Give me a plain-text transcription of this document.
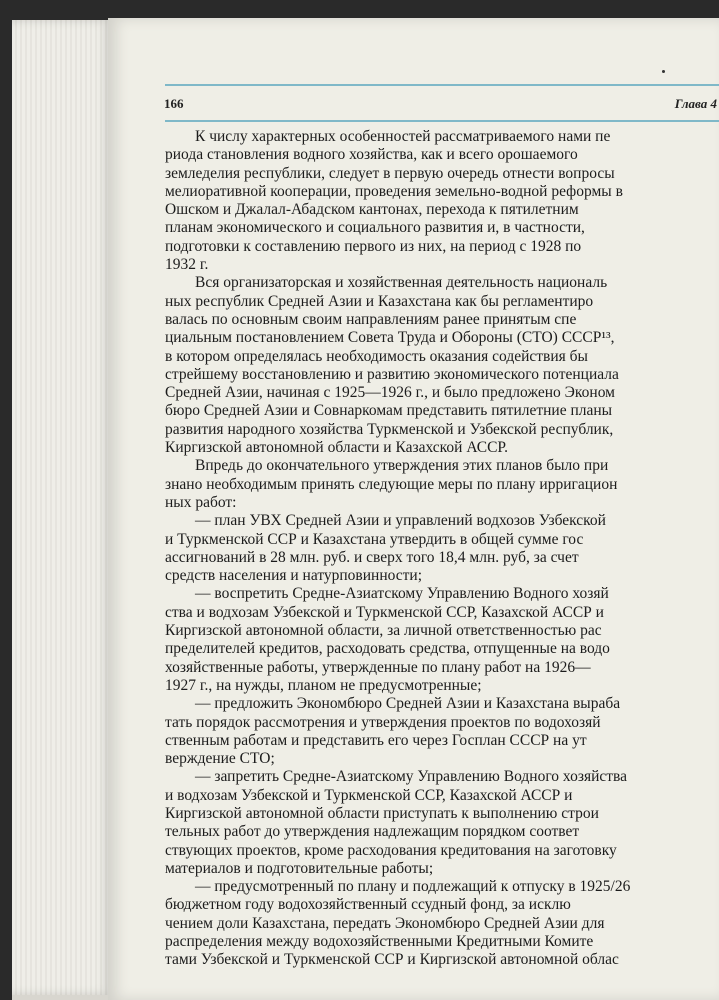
166	Глава 4
К числу характерных особенностей рассматриваемого нами пе
риода становления водного хозяйства, как и всего орошаемого
земледелия республики, следует в первую очередь отнести вопросы
мелиоративной кооперации, проведения земельно-водной реформы в
Ошском и Джалал-Абадском кантонах, перехода к пятилетним
планам экономического и социального развития и, в частности,
подготовки к составлению первого из них, на период с 1928 по
1932 г.
Вся организаторская и хозяйственная деятельность националь
ных республик Средней Азии и Казахстана как бы регламентиро
валась по основным своим направлениям ранее принятым спе
циальным постановлением Совета Труда и Обороны (СТО) СССР¹³,
в котором определялась необходимость оказания содействия бы
стрейшему восстановлению и развитию экономического потенциала
Средней Азии, начиная с 1925—1926 г., и было предложено Эконом
бюро Средней Азии и Совнаркомам представить пятилетние планы
развития народного хозяйства Туркменской и Узбекской республик,
Киргизской автономной области и Казахской АССР.
Впредь до окончательного утверждения этих планов было при
знано необходимым принять следующие меры по плану ирригацион
ных работ:
— план УВХ Средней Азии и управлений водхозов Узбекской
и Туркменской ССР и Казахстана утвердить в общей сумме гос
ассигнований в 28 млн. руб. и сверх того 18,4 млн. руб, за счет
средств населения и натурповинности;
— воспретить Средне-Азиатскому Управлению Водного хозяй
ства и водхозам Узбекской и Туркменской ССР, Казахской АССР и
Киргизской автономной области, за личной ответственностью рас
пределителей кредитов, расходовать средства, отпущенные на водо
хозяйственные работы, утвержденные по плану работ на 1926—
1927 г., на нужды, планом не предусмотренные;
— предложить Экономбюро Средней Азии и Казахстана выраба
тать порядок рассмотрения и утверждения проектов по водохозяй
ственным работам и представить его через Госплан СССР на ут
верждение СТО;
— запретить Средне-Азиатскому Управлению Водного хозяйства
и водхозам Узбекской и Туркменской ССР, Казахской АССР и
Киргизской автономной области приступать к выполнению строи
тельных работ до утверждения надлежащим порядком соответ
ствующих проектов, кроме расходования кредитования на заготовку
материалов и подготовительные работы;
— предусмотренный по плану и подлежащий к отпуску в 1925/26
бюджетном году водохозяйственный ссудный фонд, за исклю
чением доли Казахстана, передать Экономбюро Средней Азии для
распределения между водохозяйственными Кредитными Комите
тами Узбекской и Туркменской ССР и Киргизской автономной облас
